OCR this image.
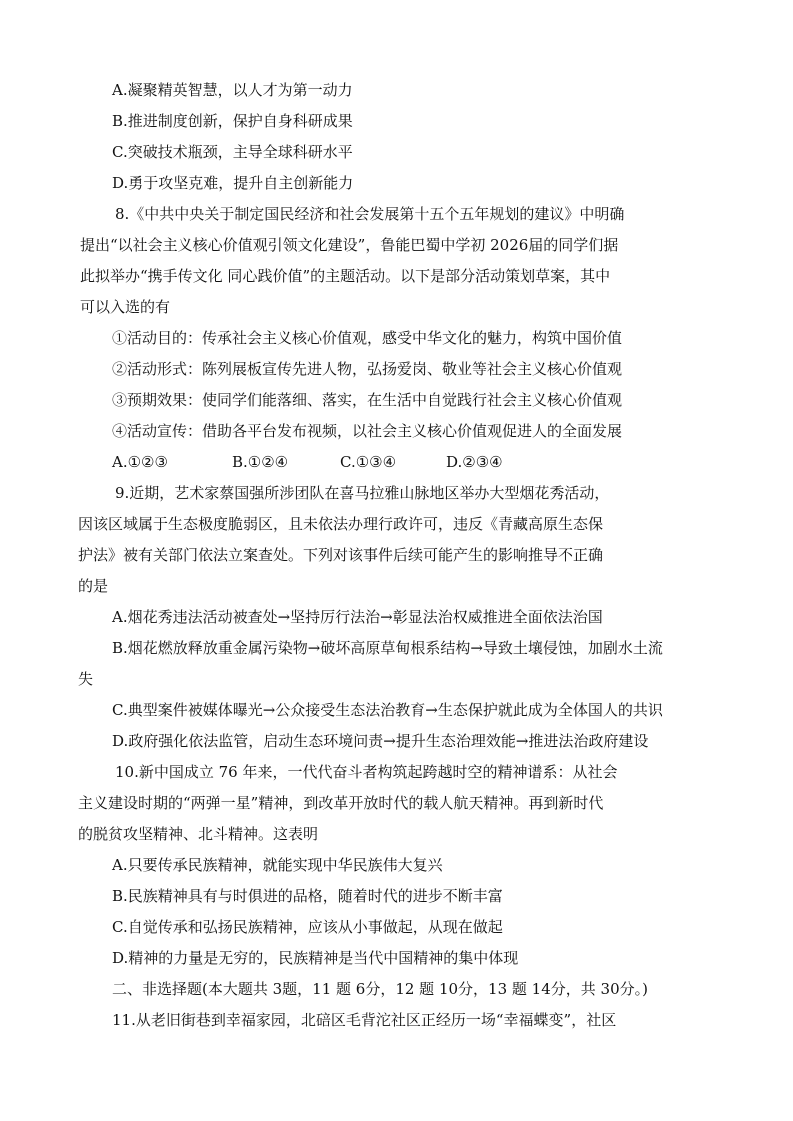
A.凝聚精英智慧，以人才为第一动力

B.推进制度创新，保护自身科研成果

C.突破技术瓶颈，主导全球科研水平

D.勇于攻坚克难，提升自主创新能力

8.《中共中央关于制定国民经济和社会发展第十五个五年规划的建议》中明确

提出“以社会主义核心价值观引领文化建设”，鲁能巴蜀中学初 2026届的同学们据

此拟举办“携手传文化 同心践价值”的主题活动。以下是部分活动策划草案，其中

可以入选的有

①活动目的：传承社会主义核心价值观，感受中华文化的魅力，构筑中国价值

②活动形式：陈列展板宣传先进人物，弘扬爱岗、敬业等社会主义核心价值观

③预期效果：使同学们能落细、落实，在生活中自觉践行社会主义核心价值观

④活动宣传：借助各平台发布视频，以社会主义核心价值观促进人的全面发展

A.①②③	B.①②④	C.①③④	D.②③④

9.近期，艺术家蔡国强所涉团队在喜马拉雅山脉地区举办大型烟花秀活动，

因该区域属于生态极度脆弱区，且未依法办理行政许可，违反《青藏高原生态保

护法》被有关部门依法立案查处。下列对该事件后续可能产生的影响推导不正确

的是

A.烟花秀违法活动被查处→坚持厉行法治→彰显法治权威推进全面依法治国

B.烟花燃放释放重金属污染物→破坏高原草甸根系结构→导致土壤侵蚀，加剧水土流

失

C.典型案件被媒体曝光→公众接受生态法治教育→生态保护就此成为全体国人的共识

D.政府强化依法监管，启动生态环境问责→提升生态治理效能→推进法治政府建设

10.新中国成立 76 年来，一代代奋斗者构筑起跨越时空的精神谱系：从社会

主义建设时期的“两弹一星”精神，到改革开放时代的载人航天精神。再到新时代

的脱贫攻坚精神、北斗精神。这表明

A.只要传承民族精神，就能实现中华民族伟大复兴

B.民族精神具有与时俱进的品格，随着时代的进步不断丰富

C.自觉传承和弘扬民族精神，应该从小事做起，从现在做起

D.精神的力量是无穷的，民族精神是当代中国精神的集中体现

二、非选择题(本大题共 3题，11 题 6分，12 题 10分，13 题 14分，共 30分。)

11.从老旧街巷到幸福家园，北碚区毛背沱社区正经历一场“幸福蝶变”，社区
